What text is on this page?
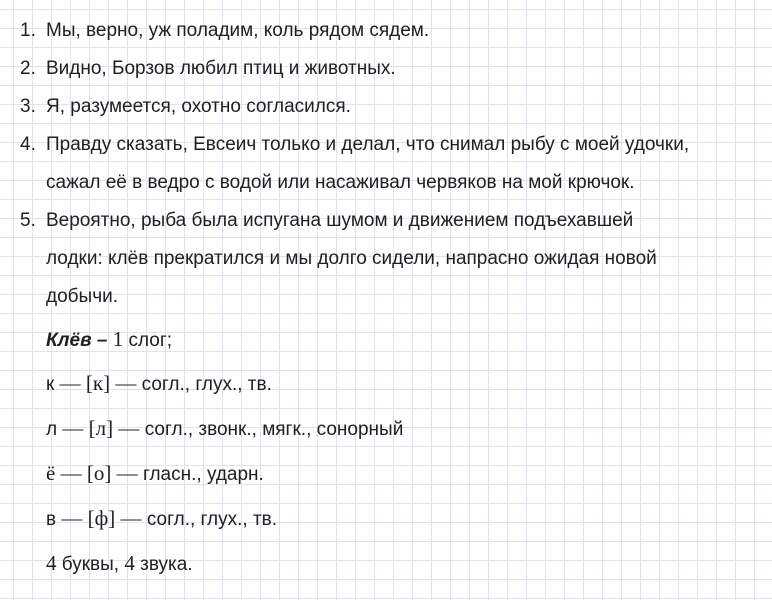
1. Мы, верно, уж поладим, коль рядом сядем.
2. Видно, Борзов любил птиц и животных.
3. Я, разумеется, охотно согласился.
4. Правду сказать, Евсеич только и делал, что снимал рыбу с моей удочки,
сажал её в ведро с водой или насаживал червяков на мой крючок.
5. Вероятно, рыба была испугана шумом и движением подъехавшей
лодки: клёв прекратился и мы долго сидели, напрасно ожидая новой
добычи.
Клёв – 1 слог;
к — [к] — согл., глух., тв.
л — [л] — согл., звонк., мягк., сонорный
ё — [о] — гласн., ударн.
в — [ф] — согл., глух., тв.
4 буквы, 4 звука.
